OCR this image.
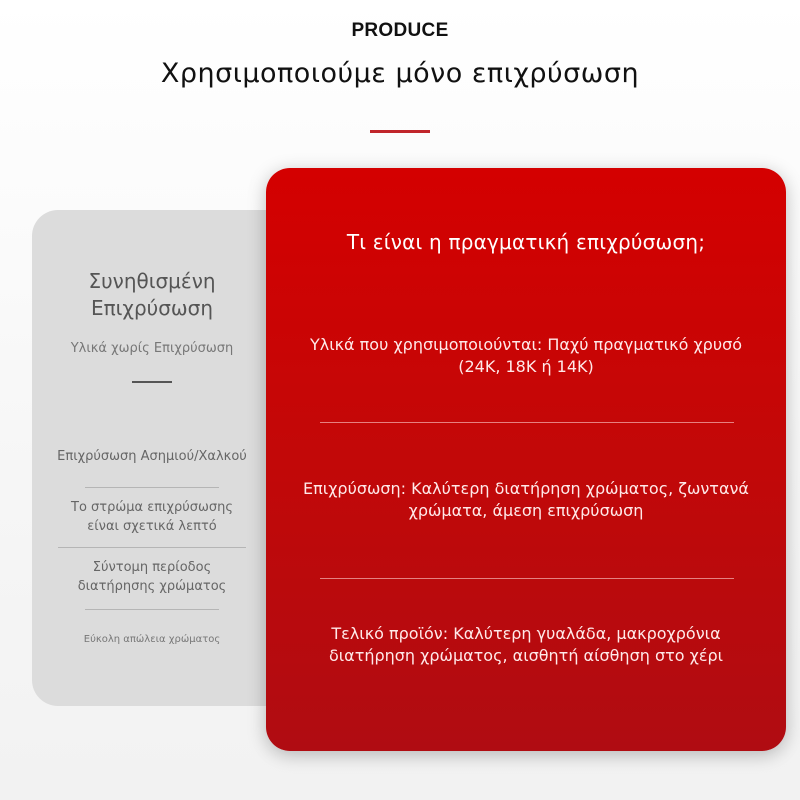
PRODUCE
Χρησιμοποιούμε μόνο επιχρύσωση
Συνηθισμένη Επιχρύσωση
Υλικά χωρίς Επιχρύσωση
Επιχρύσωση Ασημιού/Χαλκού
Το στρώμα επιχρύσωσης είναι σχετικά λεπτό
Σύντομη περίοδος διατήρησης χρώματος
Εύκολη απώλεια χρώματος
Τι είναι η πραγματική επιχρύσωση;
Υλικά που χρησιμοποιούνται: Παχύ πραγματικό χρυσό (24K, 18K ή 14K)
Επιχρύσωση: Καλύτερη διατήρηση χρώματος, ζωντανά χρώματα, άμεση επιχρύσωση
Τελικό προϊόν: Καλύτερη γυαλάδα, μακροχρόνια διατήρηση χρώματος, αισθητή αίσθηση στο χέρι
